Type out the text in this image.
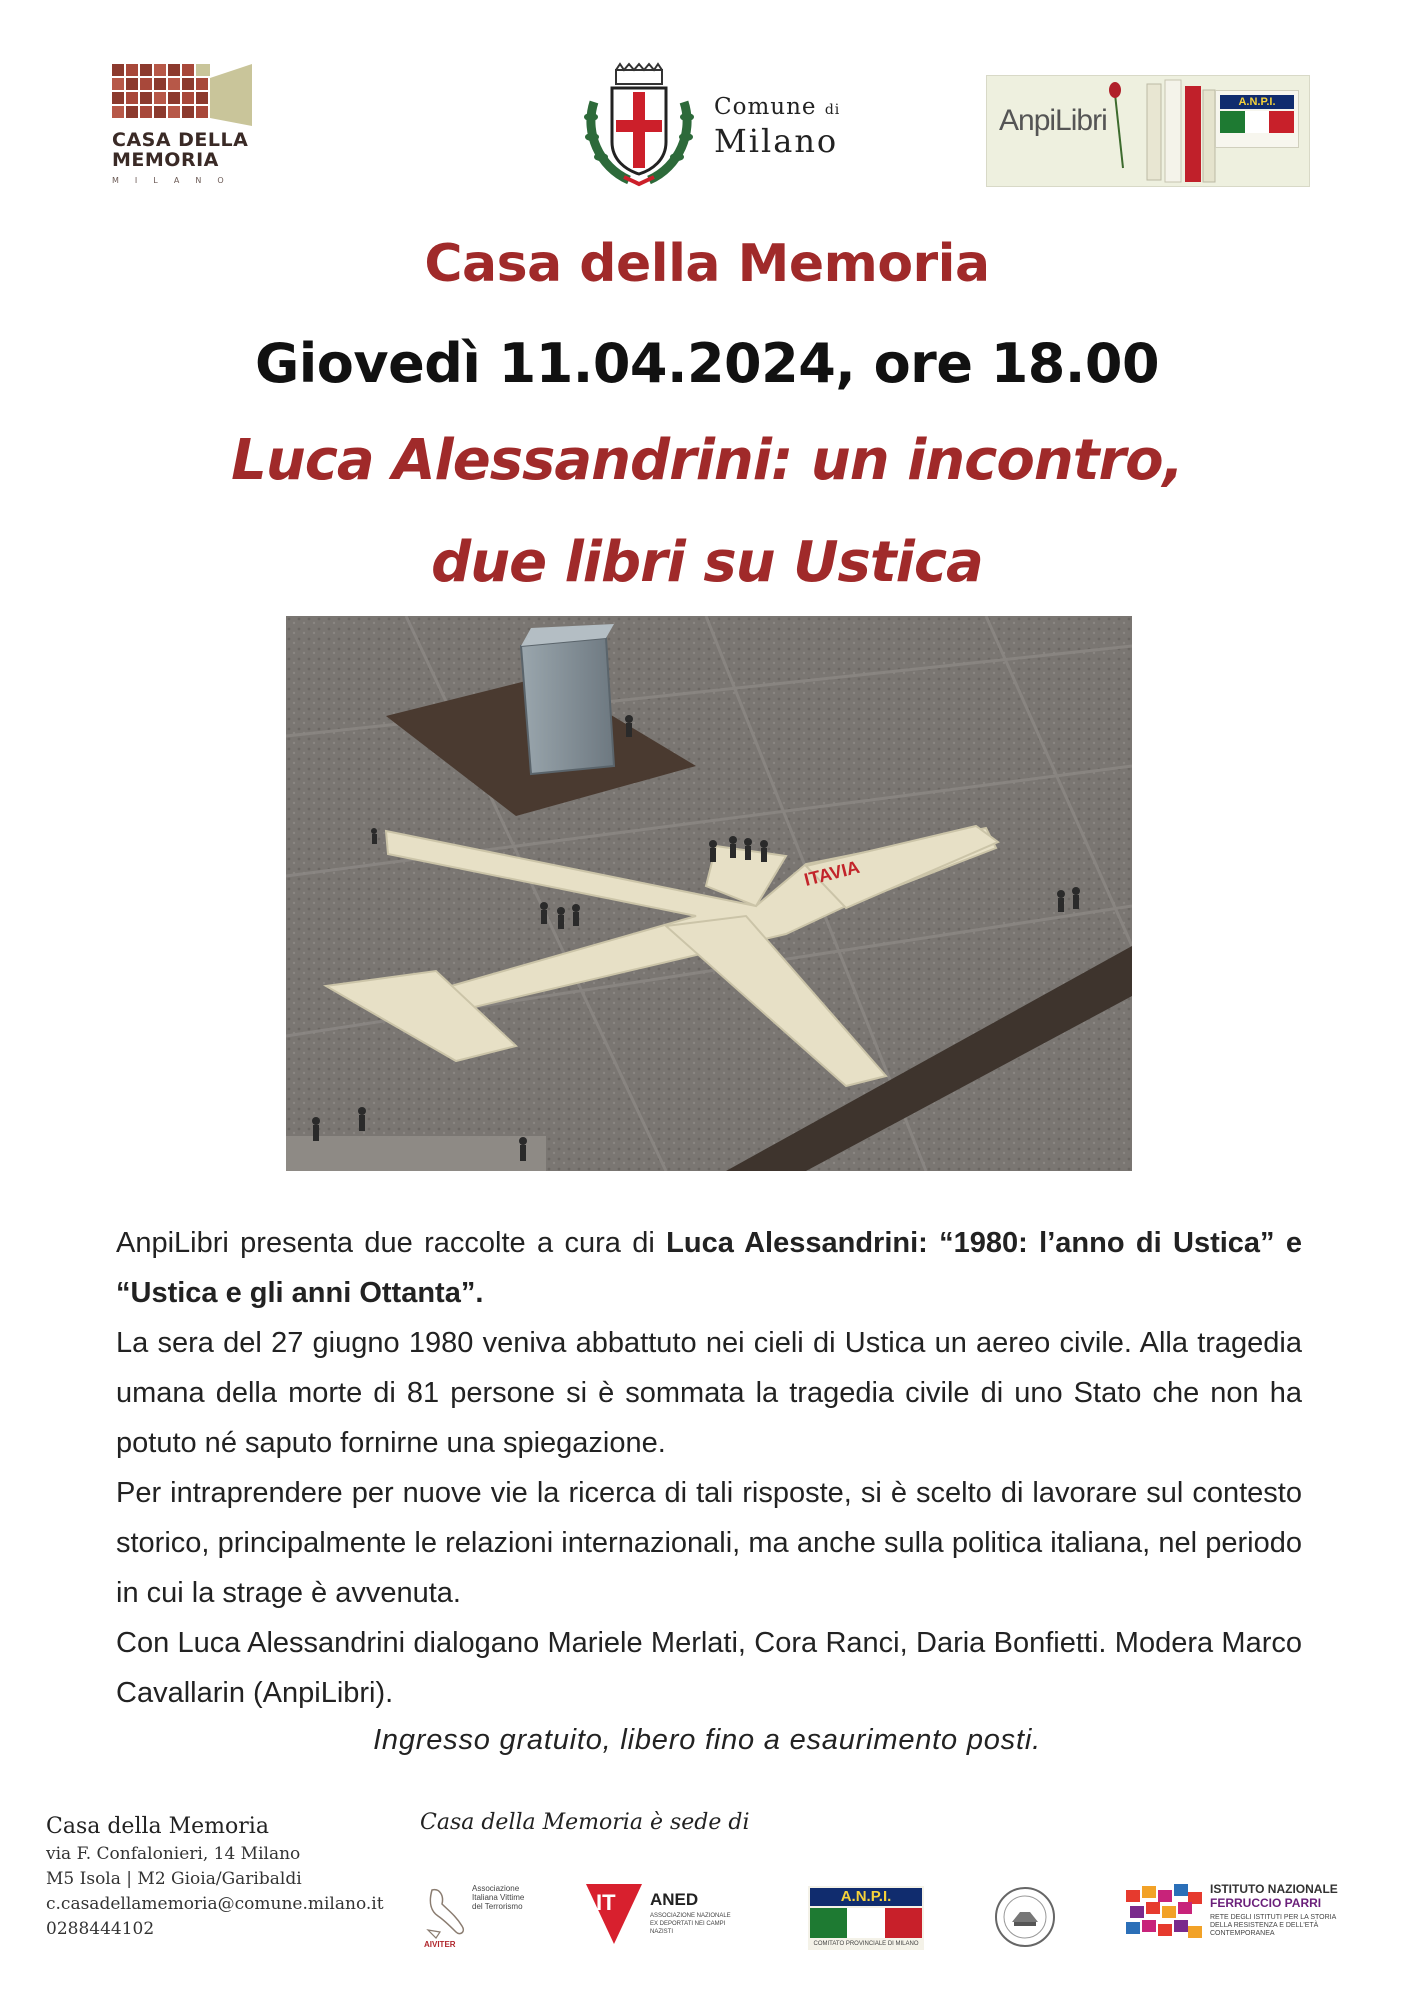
CASA DELLA
MEMORIA
MILANO
Comune di
Milano
AnpiLibri
A.N.P.I.
Casa della Memoria
Giovedì 11.04.2024, ore 18.00
Luca Alessandrini: un incontro,
due libri su Ustica
ITAVIA

AnpiLibri presenta due raccolte a cura di Luca Alessandrini: “1980: l’anno di Ustica” e “Ustica e gli anni Ottanta”.

La sera del 27 giugno 1980 veniva abbattuto nei cieli di Ustica un aereo civile. Alla tragedia umana della morte di 81 persone si è sommata la tragedia civile di uno Stato che non ha potuto né saputo fornirne una spiegazione.

Per intraprendere per nuove vie la ricerca di tali risposte, si è scelto di lavorare sul contesto storico, principalmente le relazioni internazionali, ma anche sulla politica italiana, nel periodo in cui la strage è avvenuta.

Con Luca Alessandrini dialogano Mariele Merlati, Cora Ranci, Daria Bonfietti. Modera Marco Cavallarin (AnpiLibri).

Ingresso gratuito, libero fino a esaurimento posti.
Casa della Memoria
via F. Confalonieri, 14 Milano
M5 Isola | M2 Gioia/Garibaldi
c.casadellamemoria@comune.milano.it
0288444102
Casa della Memoria è sede di
Associazione Italiana Vittime del Terrorismo
AIVITER
IT ANED
ASSOCIAZIONE NAZIONALE EX DEPORTATI NEI CAMPI NAZISTI
A.N.P.I.
COMITATO PROVINCIALE DI MILANO
ISTITUTO NAZIONALE
FERRUCCIO PARRI
RETE DEGLI ISTITUTI PER LA STORIA
DELLA RESISTENZA E DELL'ETÀ
CONTEMPORANEA
